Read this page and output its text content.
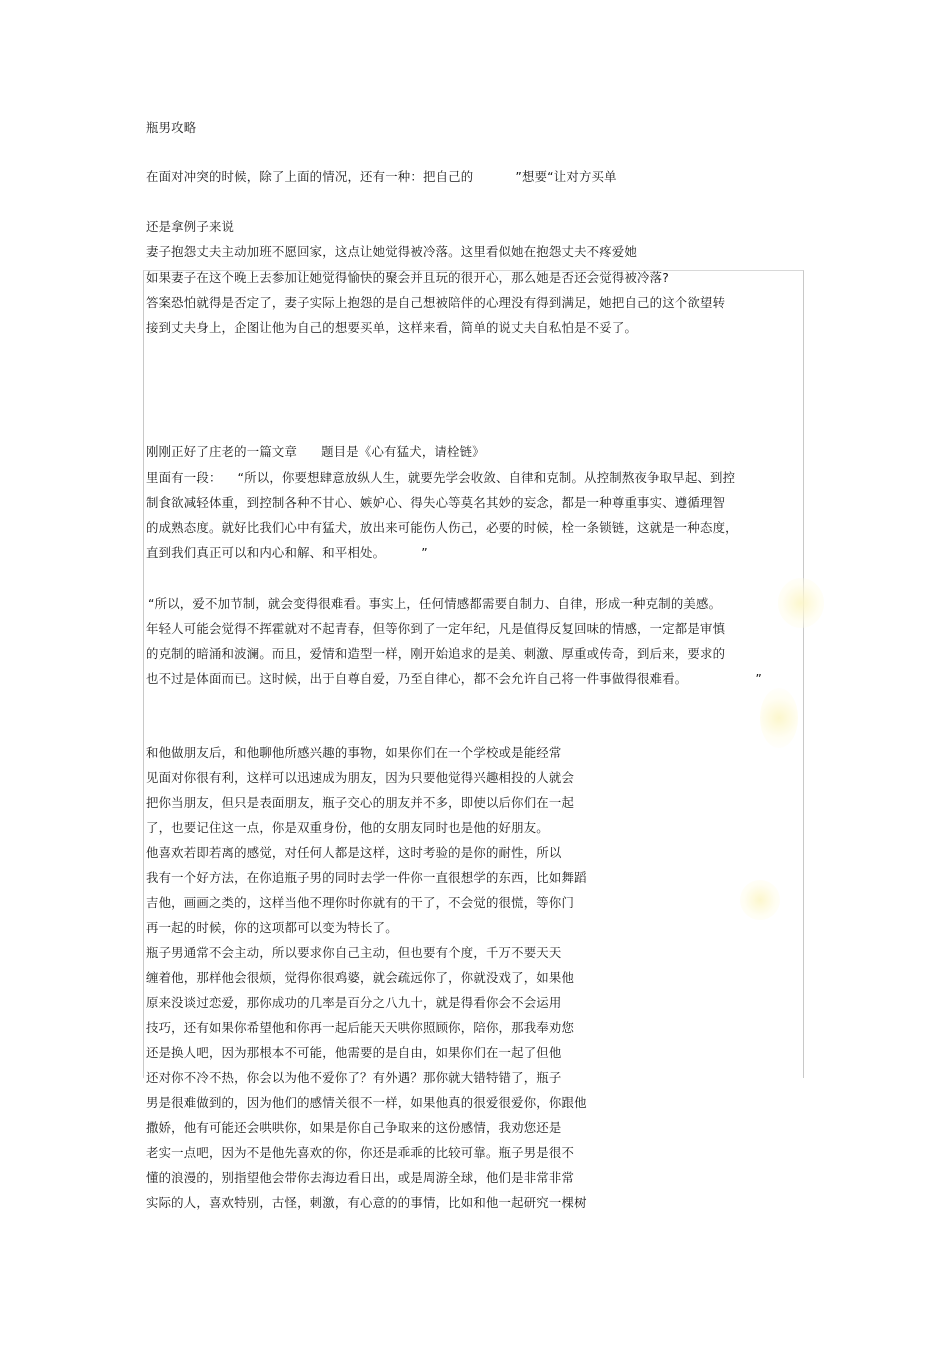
瓶男攻略
在面对冲突的时候，除了上面的情况，还有一种：把自己的	”想要“让对方买单
还是拿例子来说
妻子抱怨丈夫主动加班不愿回家，这点让她觉得被冷落。这里看似她在抱怨丈夫不疼爱她
如果妻子在这个晚上去参加让她觉得愉快的聚会并且玩的很开心，那么她是否还会觉得被冷落?
答案恐怕就得是否定了，妻子实际上抱怨的是自己想被陪伴的心理没有得到满足，她把自己的这个欲望转
接到丈夫身上，企图让他为自己的想要买单，这样来看，简单的说丈夫自私怕是不妥了。
刚刚正好了庄老的一篇文章 题目是《心有猛犬，请栓链》
里面有一段： “所以，你要想肆意放纵人生，就要先学会收敛、自律和克制。从控制熬夜争取早起、到控
制食欲减轻体重，到控制各种不甘心、嫉妒心、得失心等莫名其妙的妄念，都是一种尊重事实、遵循理智
的成熟态度。就好比我们心中有猛犬，放出来可能伤人伤己，必要的时候，栓一条锁链，这就是一种态度，
直到我们真正可以和内心和解、和平相处。	”
“所以，爱不加节制，就会变得很难看。事实上，任何情感都需要自制力、自律，形成一种克制的美感。
年轻人可能会觉得不挥霍就对不起青春，但等你到了一定年纪，凡是值得反复回味的情感，一定都是审慎
的克制的暗涌和波澜。而且，爱情和造型一样，刚开始追求的是美、刺激、厚重或传奇，到后来，要求的
也不过是体面而已。这时候，出于自尊自爱，乃至自律心，都不会允许自己将一件事做得很难看。	”
和他做朋友后，和他聊他所感兴趣的事物，如果你们在一个学校或是能经常
见面对你很有利，这样可以迅速成为朋友，因为只要他觉得兴趣相投的人就会
把你当朋友，但只是表面朋友，瓶子交心的朋友并不多，即使以后你们在一起
了，也要记住这一点，你是双重身份，他的女朋友同时也是他的好朋友。
他喜欢若即若离的感觉，对任何人都是这样，这时考验的是你的耐性，所以
我有一个好方法，在你追瓶子男的同时去学一件你一直很想学的东西，比如舞蹈
吉他，画画之类的，这样当他不理你时你就有的干了，不会觉的很慌，等你门
再一起的时候，你的这项都可以变为特长了。
瓶子男通常不会主动，所以要求你自己主动，但也要有个度，千万不要天天
缠着他，那样他会很烦，觉得你很鸡婆，就会疏远你了，你就没戏了，如果他
原来没谈过恋爱，那你成功的几率是百分之八九十，就是得看你会不会运用
技巧，还有如果你希望他和你再一起后能天天哄你照顾你，陪你，那我奉劝您
还是换人吧，因为那根本不可能，他需要的是自由，如果你们在一起了但他
还对你不冷不热，你会以为他不爱你了？有外遇？那你就大错特错了，瓶子
男是很难做到的，因为他们的感情关很不一样，如果他真的很爱很爱你，你跟他
撒娇，他有可能还会哄哄你，如果是你自己争取来的这份感情，我劝您还是
老实一点吧，因为不是他先喜欢的你，你还是乖乖的比较可靠。瓶子男是很不
懂的浪漫的，别指望他会带你去海边看日出，或是周游全球，他们是非常非常
实际的人，喜欢特别，古怪，刺激，有心意的的事情，比如和他一起研究一棵树
